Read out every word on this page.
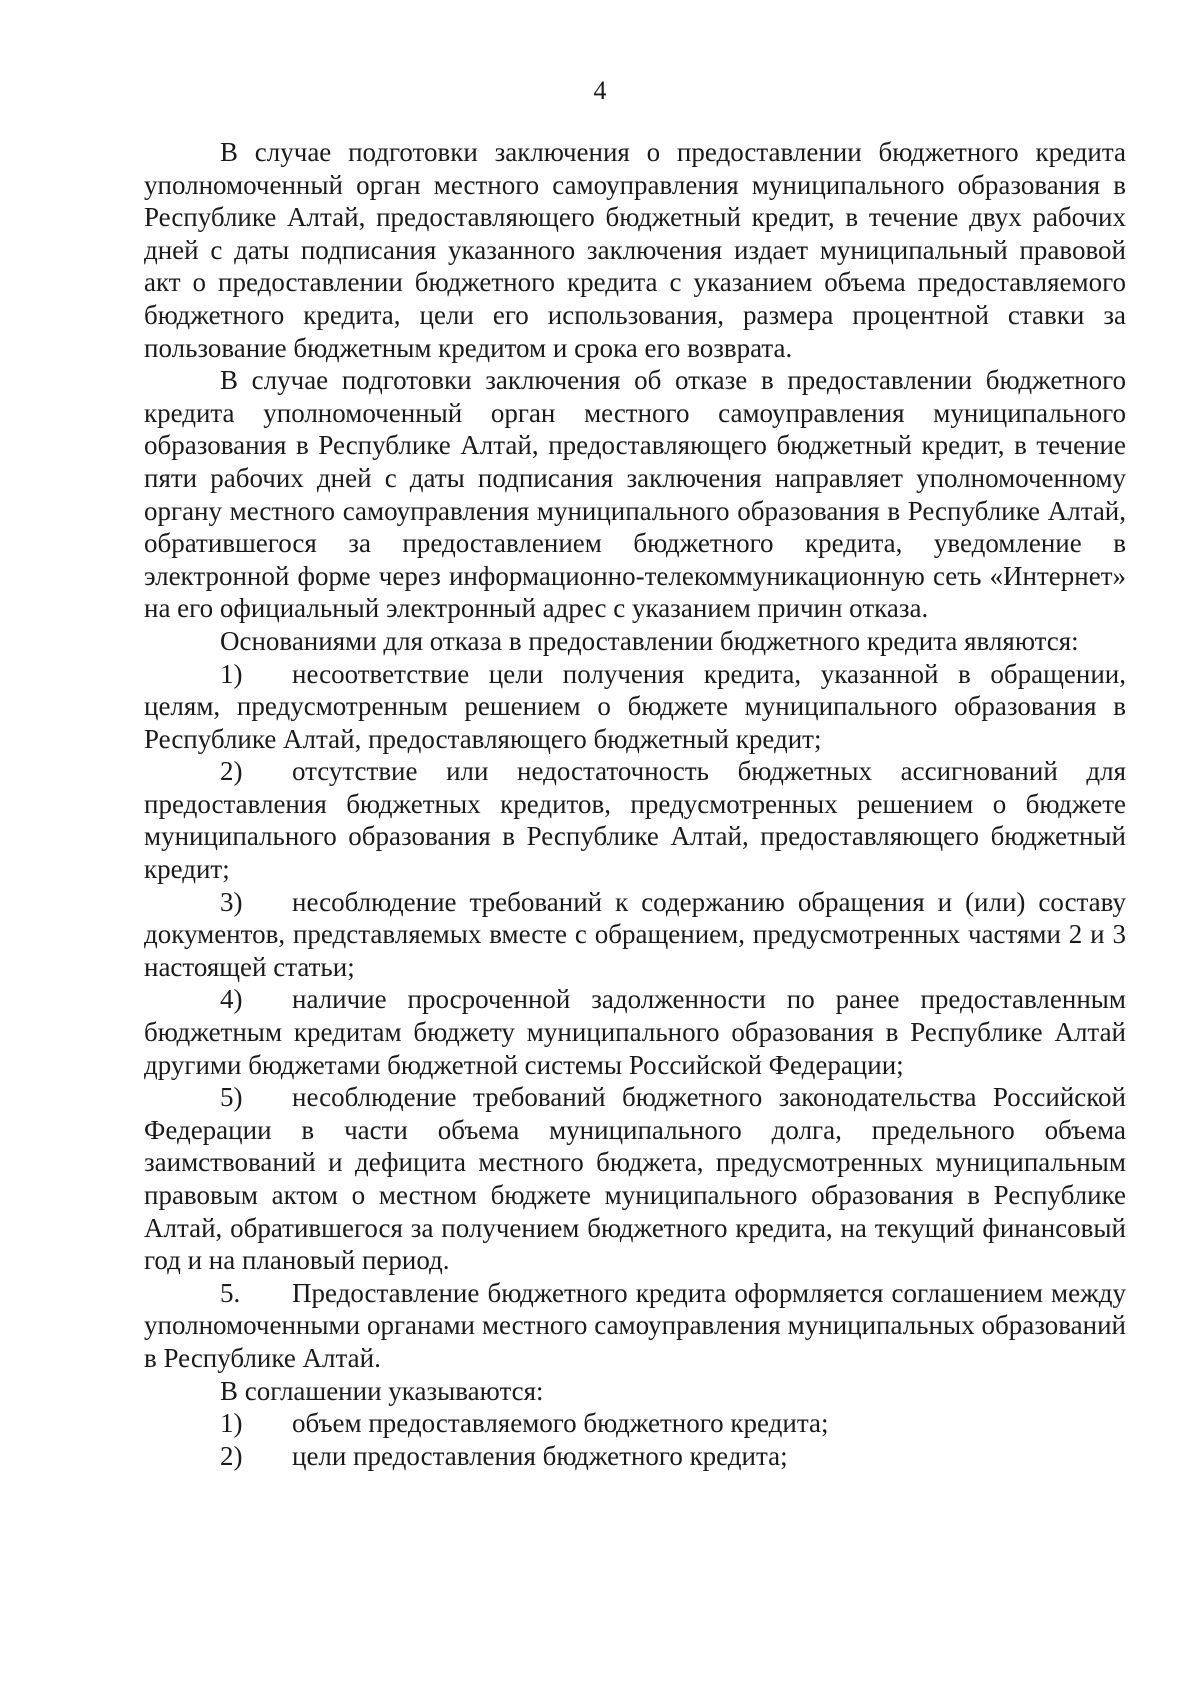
4

В случае подготовки заключения о предоставлении бюджетного кредита уполномоченный орган местного самоуправления муниципального образования в Республике Алтай, предоставляющего бюджетный кредит, в течение двух рабочих дней с даты подписания указанного заключения издает муниципальный правовой акт о предоставлении бюджетного кредита с указанием объема предоставляемого бюджетного кредита, цели его использования, размера процентной ставки за пользование бюджетным кредитом и срока его возврата.

В случае подготовки заключения об отказе в предоставлении бюджетного кредита уполномоченный орган местного самоуправления муниципального образования в Республике Алтай, предоставляющего бюджетный кредит, в течение пяти рабочих дней с даты подписания заключения направляет уполномоченному органу местного самоуправления муниципального образования в Республике Алтай, обратившегося за предоставлением бюджетного кредита, уведомление в электронной форме через информационно-телекоммуникационную сеть «Интернет» на его официальный электронный адрес с указанием причин отказа.

Основаниями для отказа в предоставлении бюджетного кредита являются:

1) несоответствие цели получения кредита, указанной в обращении, целям, предусмотренным решением о бюджете муниципального образования в Республике Алтай, предоставляющего бюджетный кредит;

2) отсутствие или недостаточность бюджетных ассигнований для предоставления бюджетных кредитов, предусмотренных решением о бюджете муниципального образования в Республике Алтай, предоставляющего бюджетный кредит;

3) несоблюдение требований к содержанию обращения и (или) составу документов, представляемых вместе с обращением, предусмотренных частями 2 и 3 настоящей статьи;

4) наличие просроченной задолженности по ранее предоставленным бюджетным кредитам бюджету муниципального образования в Республике Алтай другими бюджетами бюджетной системы Российской Федерации;

5) несоблюдение требований бюджетного законодательства Российской Федерации в части объема муниципального долга, предельного объема заимствований и дефицита местного бюджета, предусмотренных муниципальным правовым актом о местном бюджете муниципального образования в Республике Алтай, обратившегося за получением бюджетного кредита, на текущий финансовый год и на плановый период.

5. Предоставление бюджетного кредита оформляется соглашением между уполномоченными органами местного самоуправления муниципальных образований в Республике Алтай.

В соглашении указываются:

1) объем предоставляемого бюджетного кредита;

2) цели предоставления бюджетного кредита;
